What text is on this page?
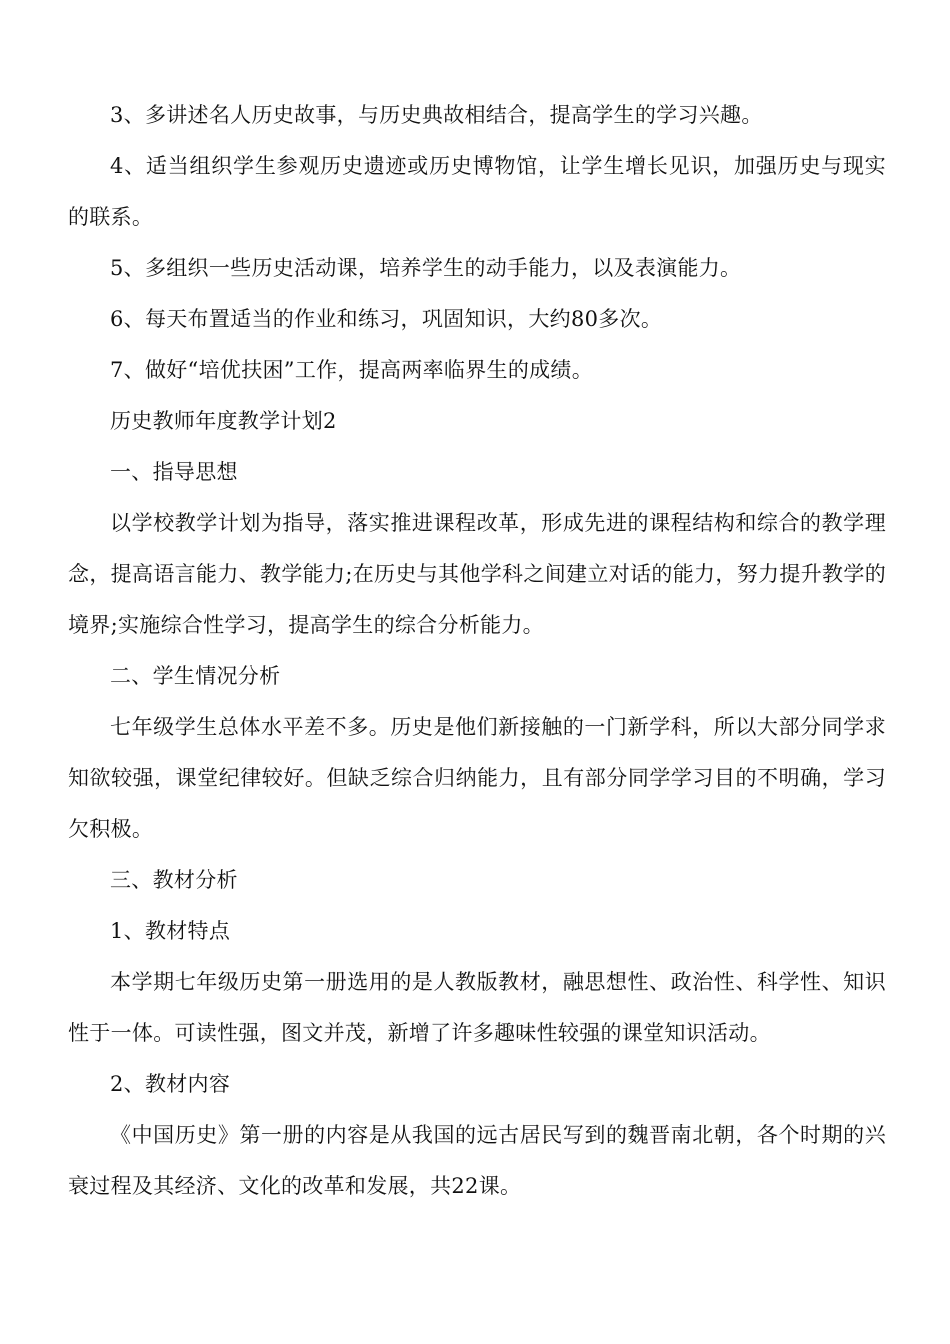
3、多讲述名人历史故事，与历史典故相结合，提高学生的学习兴趣。

4、适当组织学生参观历史遗迹或历史博物馆，让学生增长见识，加强历史与现实的联系。

5、多组织一些历史活动课，培养学生的动手能力，以及表演能力。

6、每天布置适当的作业和练习，巩固知识，大约80多次。

7、做好“培优扶困”工作，提高两率临界生的成绩。

历史教师年度教学计划2

一、指导思想

以学校教学计划为指导，落实推进课程改革，形成先进的课程结构和综合的教学理念，提高语言能力、教学能力;在历史与其他学科之间建立对话的能力，努力提升教学的境界;实施综合性学习，提高学生的综合分析能力。

二、学生情况分析

七年级学生总体水平差不多。历史是他们新接触的一门新学科，所以大部分同学求知欲较强，课堂纪律较好。但缺乏综合归纳能力，且有部分同学学习目的不明确，学习欠积极。

三、教材分析

1、教材特点

本学期七年级历史第一册选用的是人教版教材，融思想性、政治性、科学性、知识性于一体。可读性强，图文并茂，新增了许多趣味性较强的课堂知识活动。

2、教材内容

《中国历史》第一册的内容是从我国的远古居民写到的魏晋南北朝，各个时期的兴衰过程及其经济、文化的改革和发展，共22课。
